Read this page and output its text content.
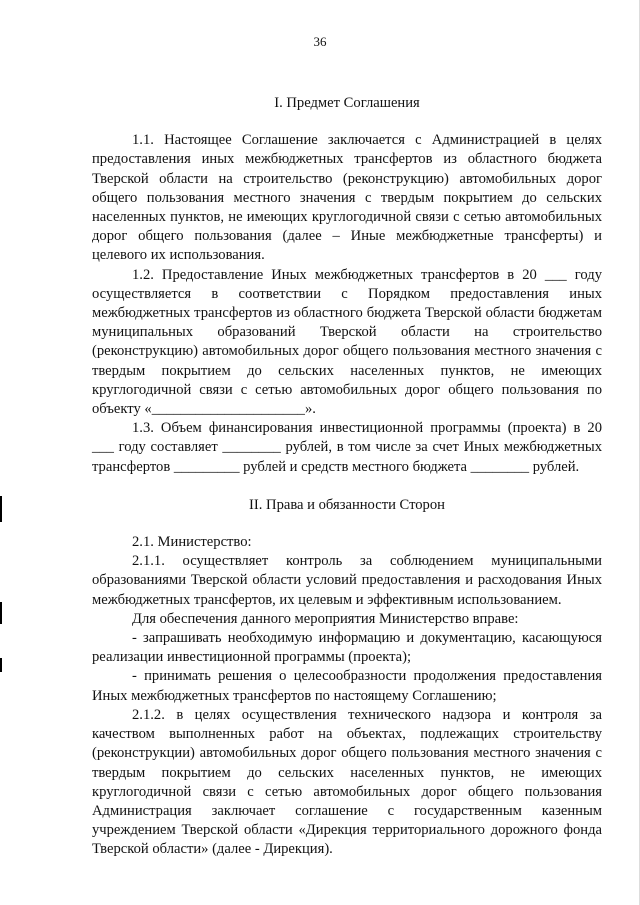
36
I. Предмет Соглашения

1.1. Настоящее Соглашение заключается с Администрацией в целях предоставления иных межбюджетных трансфертов из областного бюджета Тверской области на строительство (реконструкцию) автомобильных дорог общего пользования местного значения с твердым покрытием до сельских населенных пунктов, не имеющих круглогодичной связи с сетью автомобильных дорог общего пользования (далее – Иные межбюджетные трансферты) и целевого их использования.

1.2. Предоставление Иных межбюджетных трансфертов в 20 ___ году осуществляется в соответствии с Порядком предоставления иных межбюджетных трансфертов из областного бюджета Тверской области бюджетам муниципальных образований Тверской области на строительство (реконструкцию) автомобильных дорог общего пользования местного значения с твердым покрытием до сельских населенных пунктов, не имеющих круглогодичной связи с сетью автомобильных дорог общего пользования по объекту «_____________________».

1.3. Объем финансирования инвестиционной программы (проекта) в 20 ___ году составляет ________ рублей, в том числе за счет Иных межбюджетных трансфертов _________ рублей и средств местного бюджета ________ рублей.

II. Права и обязанности Сторон

2.1. Министерство:

2.1.1. осуществляет контроль за соблюдением муниципальными образованиями Тверской области условий предоставления и расходования Иных межбюджетных трансфертов, их целевым и эффективным использованием.

Для обеспечения данного мероприятия Министерство вправе:

- запрашивать необходимую информацию и документацию, касающуюся реализации инвестиционной программы (проекта);

- принимать решения о целесообразности продолжения предоставления Иных межбюджетных трансфертов по настоящему Соглашению;

2.1.2. в целях осуществления технического надзора и контроля за качеством выполненных работ на объектах, подлежащих строительству (реконструкции) автомобильных дорог общего пользования местного значения с твердым покрытием до сельских населенных пунктов, не имеющих круглогодичной связи с сетью автомобильных дорог общего пользования Администрация заключает соглашение с государственным казенным учреждением Тверской области «Дирекция территориального дорожного фонда Тверской области» (далее - Дирекция).
